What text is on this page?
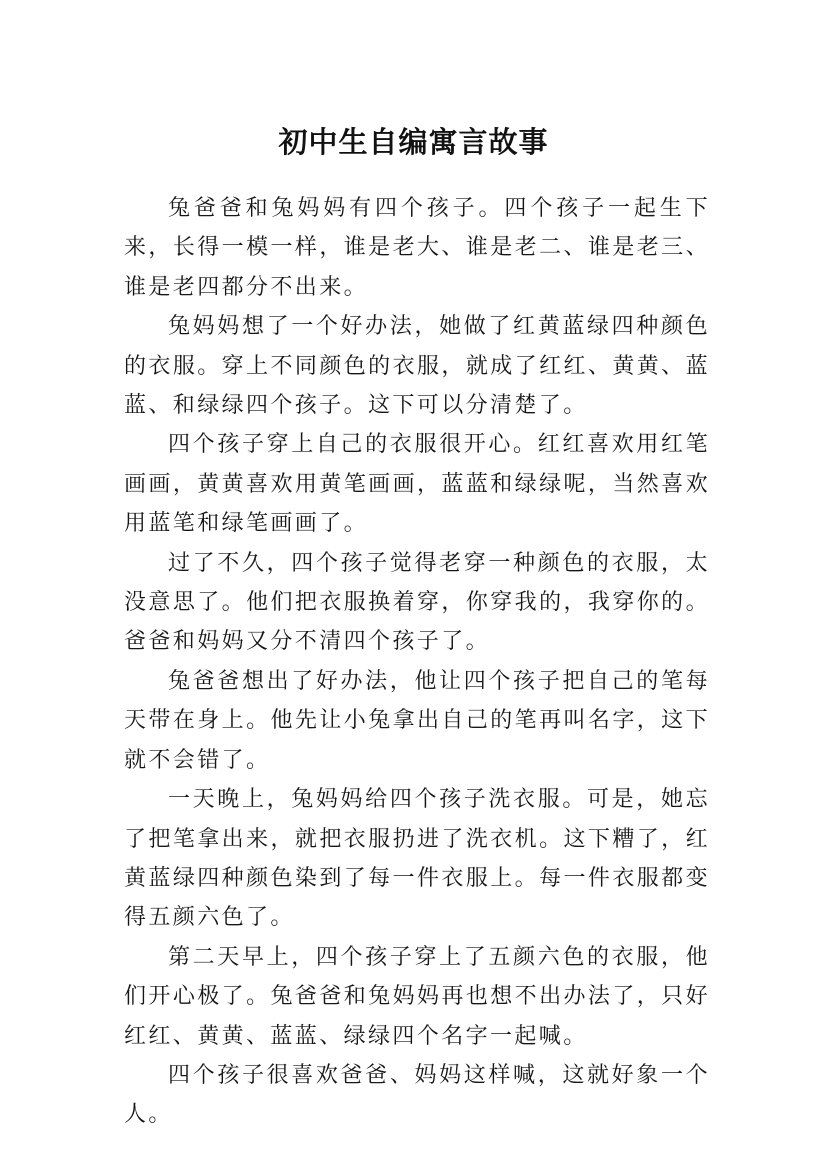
初中生自编寓言故事

兔爸爸和兔妈妈有四个孩子。四个孩子一起生下来，长得一模一样，谁是老大、谁是老二、谁是老三、谁是老四都分不出来。

兔妈妈想了一个好办法，她做了红黄蓝绿四种颜色的衣服。穿上不同颜色的衣服，就成了红红、黄黄、蓝蓝、和绿绿四个孩子。这下可以分清楚了。

四个孩子穿上自己的衣服很开心。红红喜欢用红笔画画，黄黄喜欢用黄笔画画，蓝蓝和绿绿呢，当然喜欢用蓝笔和绿笔画画了。

过了不久，四个孩子觉得老穿一种颜色的衣服，太没意思了。他们把衣服换着穿，你穿我的，我穿你的。爸爸和妈妈又分不清四个孩子了。

兔爸爸想出了好办法，他让四个孩子把自己的笔每天带在身上。他先让小兔拿出自己的笔再叫名字，这下就不会错了。

一天晚上，兔妈妈给四个孩子洗衣服。可是，她忘了把笔拿出来，就把衣服扔进了洗衣机。这下糟了，红黄蓝绿四种颜色染到了每一件衣服上。每一件衣服都变得五颜六色了。

第二天早上，四个孩子穿上了五颜六色的衣服，他们开心极了。兔爸爸和兔妈妈再也想不出办法了，只好红红、黄黄、蓝蓝、绿绿四个名字一起喊。

四个孩子很喜欢爸爸、妈妈这样喊，这就好象一个人。
